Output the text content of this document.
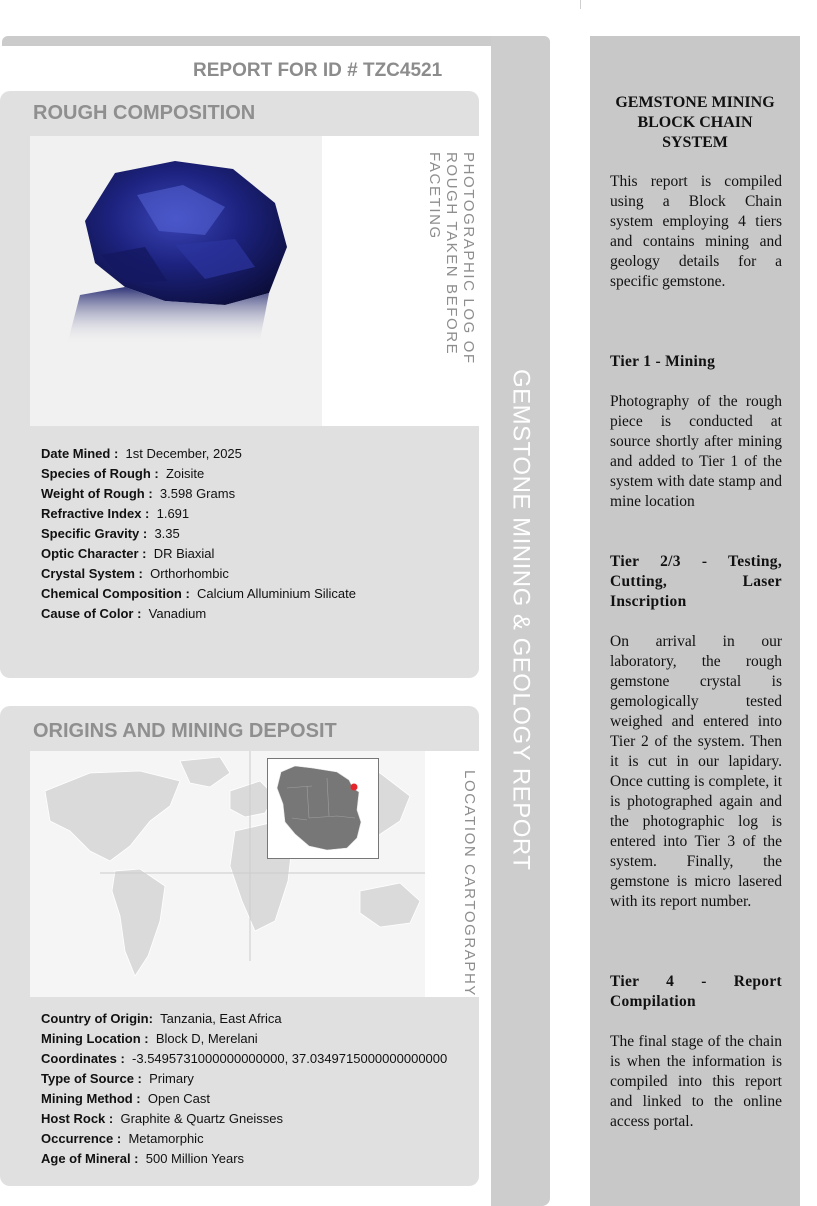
GEMSTONE MINING & GEOLOGY REPORT
REPORT FOR ID # TZC4521
ROUGH COMPOSITION
PHOTOGRAPHIC LOG OF ROUGH TAKEN BEFORE FACETING
Date Mined : 1st December, 2025
Species of Rough : Zoisite
Weight of Rough : 3.598 Grams
Refractive Index : 1.691
Specific Gravity : 3.35
Optic Character : DR Biaxial
Crystal System : Orthorhombic
Chemical Composition : Calcium Alluminium Silicate
Cause of Color : Vanadium
ORIGINS AND MINING DEPOSIT
LOCATION CARTOGRAPHY
Country of Origin: Tanzania, East Africa
Mining Location : Block D, Merelani
Coordinates : -3.5495731000000000000, 37.0349715000000000000
Type of Source : Primary
Mining Method : Open Cast
Host Rock : Graphite & Quartz Gneisses
Occurrence : Metamorphic
Age of Mineral : 500 Million Years
GEMSTONE MINING BLOCK CHAIN SYSTEM
This report is compiled using a Block Chain system employing 4 tiers and contains mining and geology details for a specific gemstone.
Tier 1 - Mining
Photography of the rough piece is conducted at source shortly after mining and added to Tier 1 of the system with date stamp and mine location
Tier 2/3 - Testing, Cutting, Laser Inscription
On arrival in our laboratory, the rough gemstone crystal is gemologically tested weighed and entered into Tier 2 of the system. Then it is cut in our lapidary. Once cutting is complete, it is photographed again and the photographic log is entered into Tier 3 of the system. Finally, the gemstone is micro lasered with its report number.
Tier 4 - Report Compilation
The final stage of the chain is when the information is compiled into this report and linked to the online access portal.
